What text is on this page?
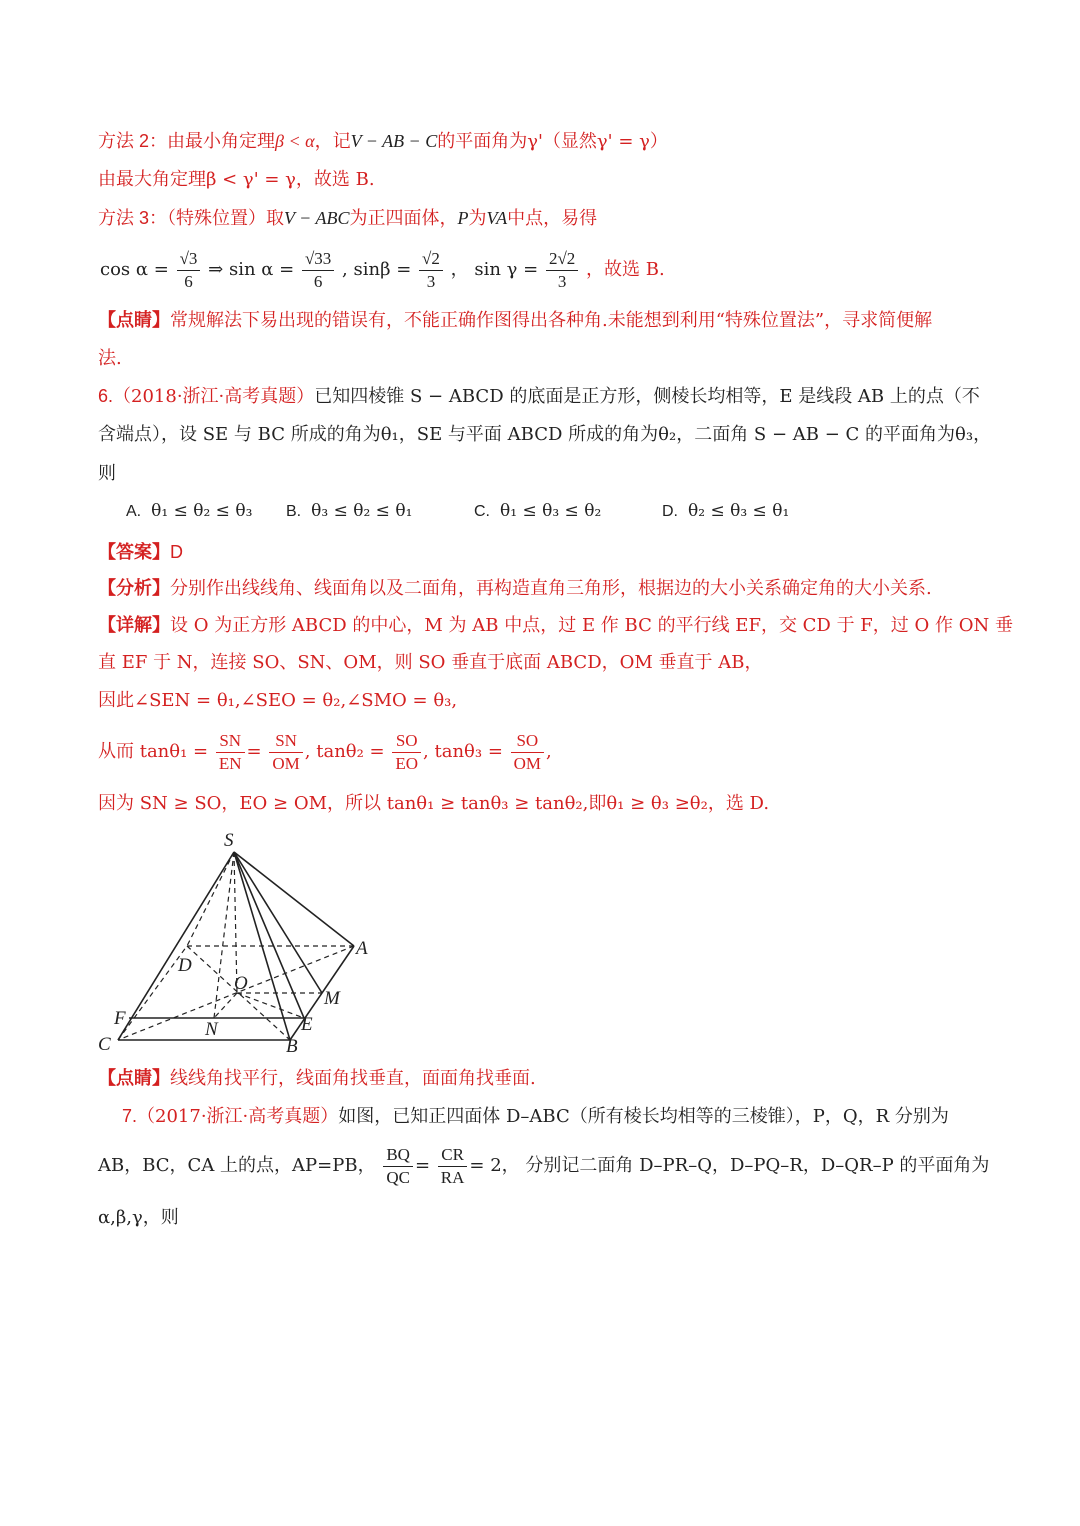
方法 2：由最小角定理β < α，记V − AB − C的平面角为γ'（显然γ' = γ）
由最大角定理β < γ' = γ，故选 B.
方法 3：（特殊位置）取V − ABC为正四面体，P为VA中点，易得
$\cos \alpha = \frac{√3}{6}$ ⇒ $\sin \alpha = \frac{√33}{6}$ , $\sin\beta = \frac{√2}{3}$ ， $\sin \gamma = \frac{2√2}{3}$ ，故选 B.
【点睛】常规解法下易出现的错误有，不能正确作图得出各种角.未能想到利用“特殊位置法”，寻求简便解
法.
6.（2018·浙江·高考真题）已知四棱锥 S − ABCD 的底面是正方形，侧棱长均相等，E 是线段 AB 上的点（不
含端点），设 SE 与 BC 所成的角为θ₁，SE 与平面 ABCD 所成的角为θ₂，二面角 S − AB − C 的平面角为θ₃，
则
A. θ₁ ≤ θ₂ ≤ θ₃ B. θ₃ ≤ θ₂ ≤ θ₁	C. θ₁ ≤ θ₃ ≤ θ₂	D. θ₂ ≤ θ₃ ≤ θ₁
【答案】D
【分析】分别作出线线角、线面角以及二面角，再构造直角三角形，根据边的大小关系确定角的大小关系.
【详解】设 O 为正方形 ABCD 的中心，M 为 AB 中点，过 E 作 BC 的平行线 EF，交 CD 于 F，过 O 作 ON 垂
直 EF 于 N，连接 SO、SN、OM，则 SO 垂直于底面 ABCD，OM 垂直于 AB，
因此∠SEN = θ₁,∠SEO = θ₂,∠SMO = θ₃,
从而 $\tan\theta_1 = \frac{SN}{EN} = \frac{SN}{OM}$ , $\tan\theta_2 = \frac{SO}{EO}$ , $\tan\theta_3 = \frac{SO}{OM}$ ,
因为 SN ≥ SO，EO ≥ OM，所以 tanθ₁ ≥ tanθ₃ ≥ tanθ₂,即θ₁ ≥ θ₃ ≥θ₂，选 D.
S
A
D
O
M
F	E
N
C	B
【点睛】线线角找平行，线面角找垂直，面面角找垂面.
7.（2017·浙江·高考真题）如图，已知正四面体 D–ABC（所有棱长均相等的三棱锥），P，Q，R 分别为
AB，BC，CA 上的点，AP=PB， $\frac{BQ}{QC} = \frac{CR}{RA} = 2$， 分别记二面角 D–PR–Q，D–PQ–R，D–QR–P 的平面角为
α,β,γ，则
